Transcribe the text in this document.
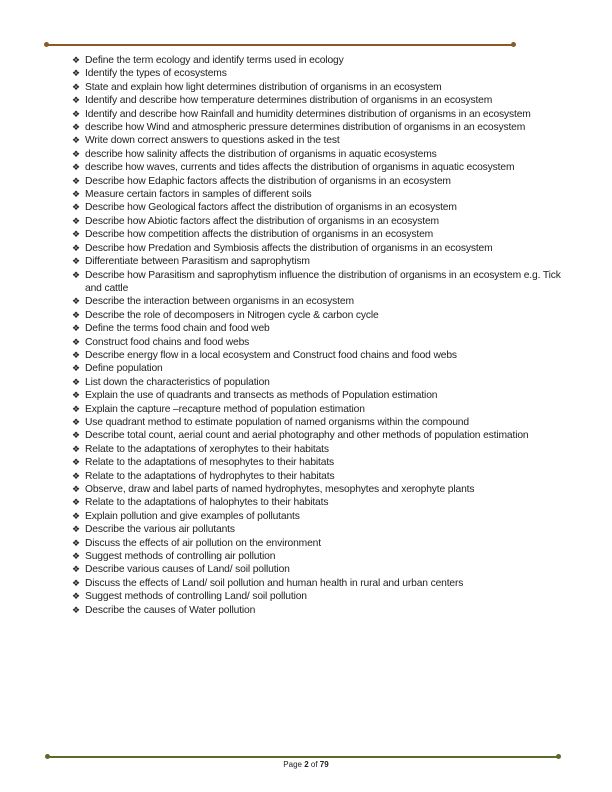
❖ Define the term ecology and identify terms used in ecology
❖ Identify the types of ecosystems
❖ State and explain how light determines distribution of organisms in an ecosystem
❖ Identify and describe how temperature determines distribution of organisms in an ecosystem
❖ Identify and describe how Rainfall and humidity determines distribution of organisms in an ecosystem
❖ describe how Wind and atmospheric pressure determines distribution of organisms in an ecosystem
❖ Write down correct answers to questions asked in the test
❖ describe how salinity affects the distribution of organisms in aquatic ecosystems
❖ describe how waves, currents and tides affects the distribution of organisms in aquatic ecosystem
❖ Describe how Edaphic factors affects the distribution of organisms in an ecosystem
❖ Measure certain factors in samples of different soils
❖ Describe how Geological factors affect the distribution of organisms in an ecosystem
❖ Describe how Abiotic factors affect the distribution of organisms in an ecosystem
❖ Describe how competition affects the distribution of organisms in an ecosystem
❖ Describe how Predation and Symbiosis affects the distribution of organisms in an ecosystem
❖ Differentiate between Parasitism and saprophytism
❖ Describe how Parasitism and saprophytism influence the distribution of organisms in an ecosystem e.g. Tick and cattle
❖ Describe the interaction between organisms in an ecosystem
❖ Describe the role of decomposers in Nitrogen cycle & carbon cycle
❖ Define the terms food chain and food web
❖ Construct food chains and food webs
❖ Describe energy flow in a local ecosystem and Construct food chains and food webs
❖ Define population
❖ List down the characteristics of population
❖ Explain the use of quadrants and transects as methods of Population estimation
❖ Explain the capture –recapture method of population estimation
❖ Use quadrant method to estimate population of named organisms within the compound
❖ Describe total count, aerial count and aerial photography and other methods of population estimation
❖ Relate to the adaptations of xerophytes to their habitats
❖ Relate to the adaptations of mesophytes to their habitats
❖ Relate to the adaptations of hydrophytes to their habitats
❖ Observe, draw and label parts of named hydrophytes, mesophytes and xerophyte plants
❖ Relate to the adaptations of halophytes to their habitats
❖ Explain pollution and give examples of pollutants
❖ Describe the various air pollutants
❖ Discuss the effects of air pollution on the environment
❖ Suggest methods of controlling air pollution
❖ Describe various causes of Land/ soil pollution
❖ Discuss the effects of Land/ soil pollution and human health in rural and urban centers
❖ Suggest methods of controlling Land/ soil pollution
❖ Describe the causes of Water pollution
Page 2 of 79
